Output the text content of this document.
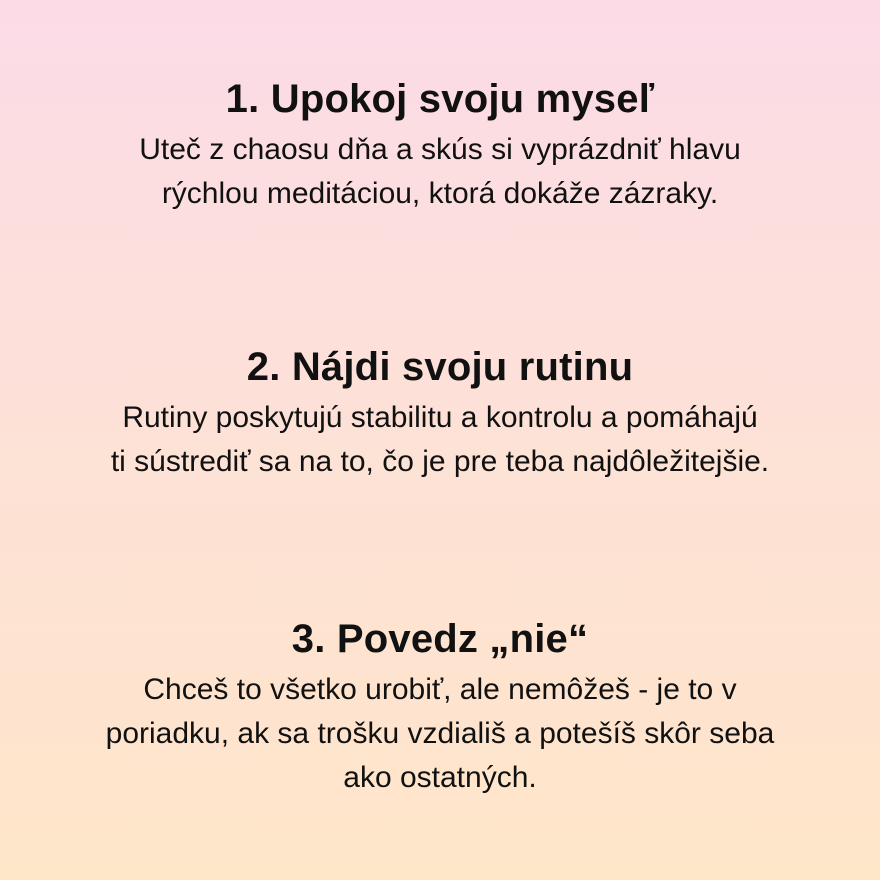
1. Upokoj svoju myseľ

Uteč z chaosu dňa a skús si vyprázdniť hlavu
rýchlou meditáciou, ktorá dokáže zázraky.

2. Nájdi svoju rutinu

Rutiny poskytujú stabilitu a kontrolu a pomáhajú
ti sústrediť sa na to, čo je pre teba najdôležitejšie.

3. Povedz „nie“

Chceš to všetko urobiť, ale nemôžeš - je to v
poriadku, ak sa trošku vzdiališ a potešíš skôr seba
ako ostatných.
